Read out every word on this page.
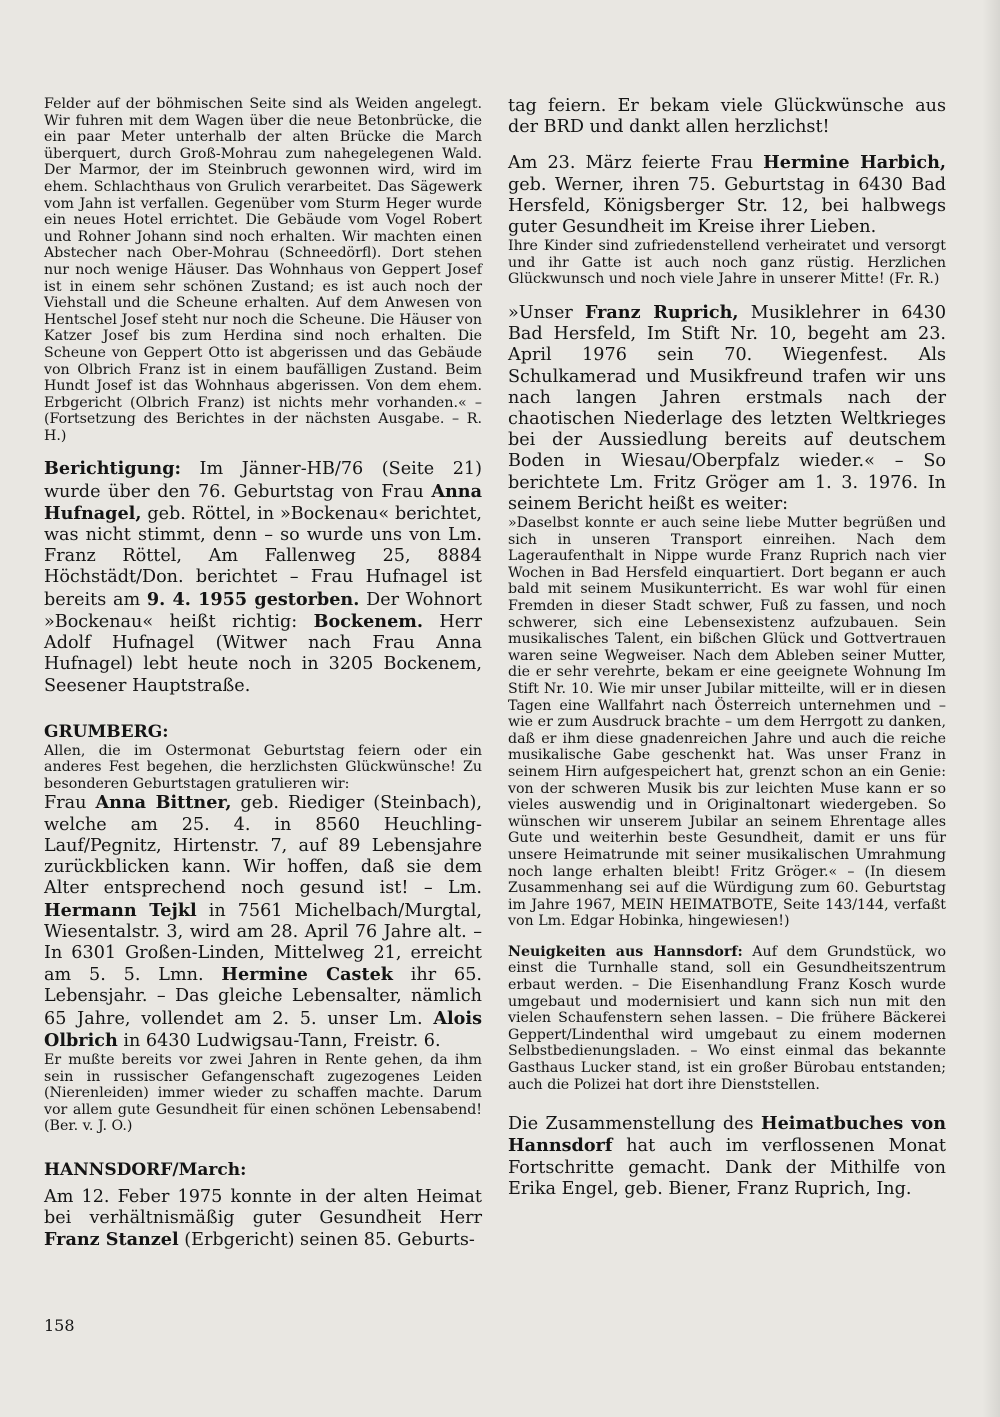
Felder auf der böhmischen Seite sind als Weiden angelegt. Wir fuhren mit dem Wagen über die neue Betonbrücke, die ein paar Meter unterhalb der alten Brücke die March überquert, durch Groß-Mohrau zum nahegelegenen Wald. Der Marmor, der im Steinbruch gewonnen wird, wird im ehem. Schlachthaus von Grulich verarbeitet. Das Sägewerk vom Jahn ist verfallen. Gegenüber vom Sturm Heger wurde ein neues Hotel errichtet. Die Gebäude vom Vogel Robert und Rohner Johann sind noch erhalten. Wir machten einen Abstecher nach Ober-Mohrau (Schneedörfl). Dort stehen nur noch wenige Häuser. Das Wohnhaus von Geppert Josef ist in einem sehr schönen Zustand; es ist auch noch der Viehstall und die Scheune erhalten. Auf dem Anwesen von Hentschel Josef steht nur noch die Scheune. Die Häuser von Katzer Josef bis zum Herdina sind noch erhalten. Die Scheune von Geppert Otto ist abgerissen und das Gebäude von Olbrich Franz ist in einem baufälligen Zustand. Beim Hundt Josef ist das Wohnhaus abgerissen. Von dem ehem. Erbgericht (Olbrich Franz) ist nichts mehr vorhanden.« – (Fortsetzung des Berichtes in der nächsten Ausgabe. – R. H.)

Berichtigung: Im Jänner-HB/76 (Seite 21) wurde über den 76. Geburtstag von Frau Anna Hufnagel, geb. Röttel, in »Bockenau« berichtet, was nicht stimmt, denn – so wurde uns von Lm. Franz Röttel, Am Fallenweg 25, 8884 Höchstädt/Don. berichtet – Frau Hufnagel ist bereits am 9. 4. 1955 gestorben. Der Wohnort »Bockenau« heißt richtig: Bockenem. Herr Adolf Hufnagel (Witwer nach Frau Anna Hufnagel) lebt heute noch in 3205 Bockenem, Seesener Hauptstraße.

GRUMBERG:

Allen, die im Ostermonat Geburtstag feiern oder ein anderes Fest begehen, die herzlichsten Glückwünsche! Zu besonderen Geburtstagen gratulieren wir:

Frau Anna Bittner, geb. Riediger (Steinbach), welche am 25. 4. in 8560 Heuchling-Lauf/Pegnitz, Hirtenstr. 7, auf 89 Lebensjahre zurückblicken kann. Wir hoffen, daß sie dem Alter entsprechend noch gesund ist! – Lm. Hermann Tejkl in 7561 Michelbach/Murgtal, Wiesentalstr. 3, wird am 28. April 76 Jahre alt. – In 6301 Großen-Linden, Mittelweg 21, erreicht am 5. 5. Lmn. Hermine Castek ihr 65. Lebensjahr. – Das gleiche Lebensalter, nämlich 65 Jahre, vollendet am 2. 5. unser Lm. Alois Olbrich in 6430 Ludwigsau-Tann, Freistr. 6.

Er mußte bereits vor zwei Jahren in Rente gehen, da ihm sein in russischer Gefangenschaft zugezogenes Leiden (Nierenleiden) immer wieder zu schaffen machte. Darum vor allem gute Gesundheit für einen schönen Lebensabend! (Ber. v. J. O.)

HANNSDORF/March:

Am 12. Feber 1975 konnte in der alten Heimat bei verhältnismäßig guter Gesundheit Herr Franz Stanzel (Erbgericht) seinen 85. Geburts-

tag feiern. Er bekam viele Glückwünsche aus der BRD und dankt allen herzlichst!

Am 23. März feierte Frau Hermine Harbich, geb. Werner, ihren 75. Geburtstag in 6430 Bad Hersfeld, Königsberger Str. 12, bei halbwegs guter Gesundheit im Kreise ihrer Lieben.

Ihre Kinder sind zufriedenstellend verheiratet und versorgt und ihr Gatte ist auch noch ganz rüstig. Herzlichen Glückwunsch und noch viele Jahre in unserer Mitte! (Fr. R.)

»Unser Franz Ruprich, Musiklehrer in 6430 Bad Hersfeld, Im Stift Nr. 10, begeht am 23. April 1976 sein 70. Wiegenfest. Als Schulkamerad und Musikfreund trafen wir uns nach langen Jahren erstmals nach der chaotischen Niederlage des letzten Weltkrieges bei der Aussiedlung bereits auf deutschem Boden in Wiesau/Oberpfalz wieder.« – So berichtete Lm. Fritz Gröger am 1. 3. 1976. In seinem Bericht heißt es weiter:

»Daselbst konnte er auch seine liebe Mutter begrüßen und sich in unseren Transport einreihen. Nach dem Lageraufenthalt in Nippe wurde Franz Ruprich nach vier Wochen in Bad Hersfeld einquartiert. Dort begann er auch bald mit seinem Musikunterricht. Es war wohl für einen Fremden in dieser Stadt schwer, Fuß zu fassen, und noch schwerer, sich eine Lebensexistenz aufzubauen. Sein musikalisches Talent, ein bißchen Glück und Gottvertrauen waren seine Wegweiser. Nach dem Ableben seiner Mutter, die er sehr verehrte, bekam er eine geeignete Wohnung Im Stift Nr. 10. Wie mir unser Jubilar mitteilte, will er in diesen Tagen eine Wallfahrt nach Österreich unternehmen und – wie er zum Ausdruck brachte – um dem Herrgott zu danken, daß er ihm diese gnadenreichen Jahre und auch die reiche musikalische Gabe geschenkt hat. Was unser Franz in seinem Hirn aufgespeichert hat, grenzt schon an ein Genie: von der schweren Musik bis zur leichten Muse kann er so vieles auswendig und in Originaltonart wiedergeben. So wünschen wir unserem Jubilar an seinem Ehrentage alles Gute und weiterhin beste Gesundheit, damit er uns für unsere Heimatrunde mit seiner musikalischen Umrahmung noch lange erhalten bleibt! Fritz Gröger.« – (In diesem Zusammenhang sei auf die Würdigung zum 60. Geburtstag im Jahre 1967, MEIN HEIMATBOTE, Seite 143/144, verfaßt von Lm. Edgar Hobinka, hingewiesen!)

Neuigkeiten aus Hannsdorf: Auf dem Grundstück, wo einst die Turnhalle stand, soll ein Gesundheitszentrum erbaut werden. – Die Eisenhandlung Franz Kosch wurde umgebaut und modernisiert und kann sich nun mit den vielen Schaufenstern sehen lassen. – Die frühere Bäckerei Geppert/Lindenthal wird umgebaut zu einem modernen Selbstbedienungsladen. – Wo einst einmal das bekannte Gasthaus Lucker stand, ist ein großer Bürobau entstanden; auch die Polizei hat dort ihre Dienststellen.

Die Zusammenstellung des Heimatbuches von Hannsdorf hat auch im verflossenen Monat Fortschritte gemacht. Dank der Mithilfe von Erika Engel, geb. Biener, Franz Ruprich, Ing.

158
